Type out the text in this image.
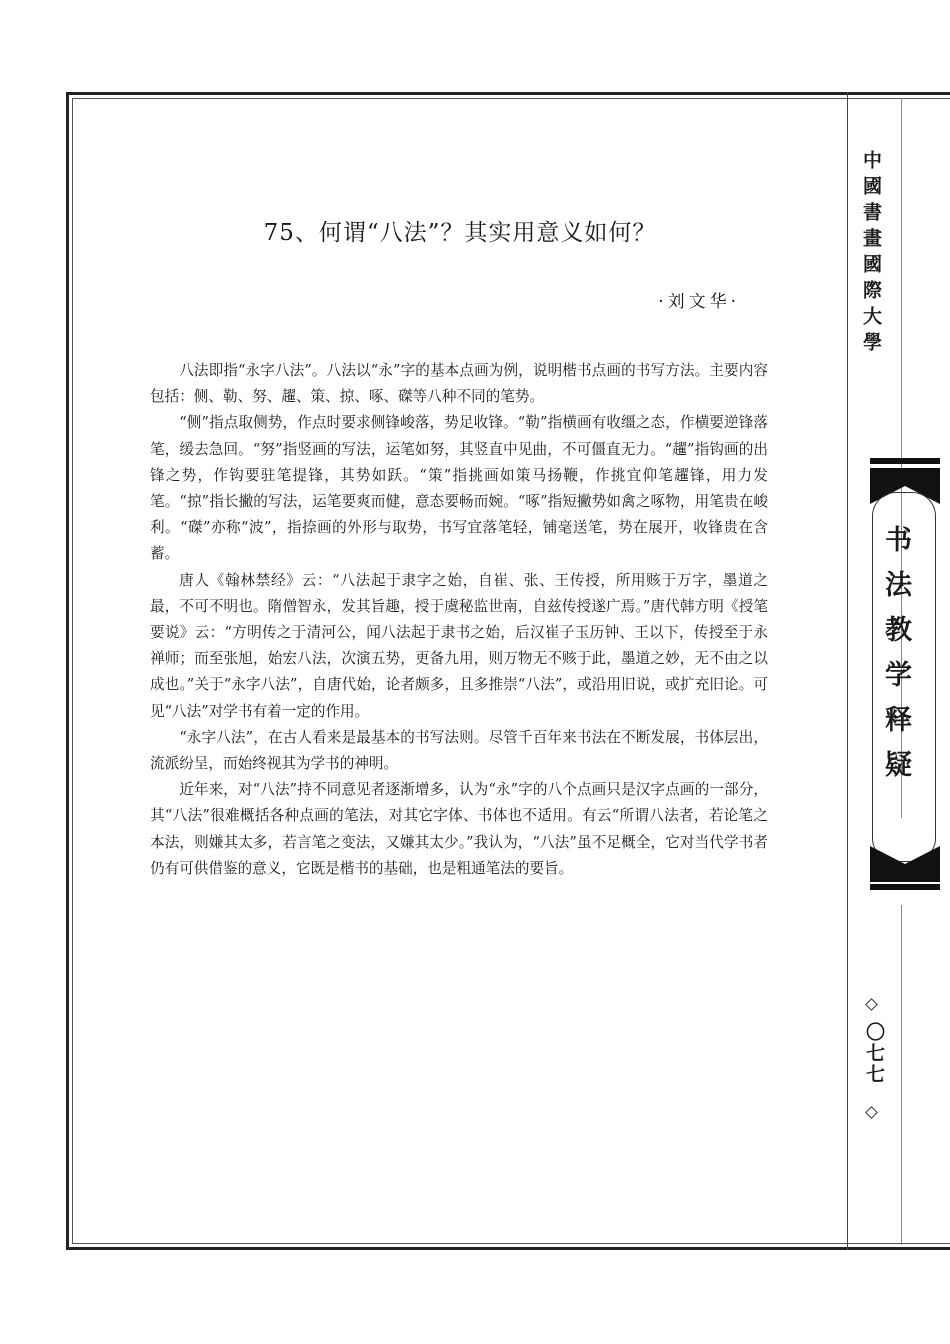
75、何谓“八法”？其实用意义如何？
·刘文华·

八法即指“永字八法”。八法以“永”字的基本点画为例，说明楷书点画的书写方法。主要内容包括：侧、勒、努、趯、策、掠、啄、磔等八种不同的笔势。

“侧”指点取侧势，作点时要求侧锋峻落，势足收锋。“勒”指横画有收缰之态，作横要逆锋落笔，缓去急回。“努”指竖画的写法，运笔如努，其竖直中见曲，不可僵直无力。“趯”指钩画的出锋之势，作钩要驻笔提锋，其势如跃。“策”指挑画如策马扬鞭，作挑宜仰笔趯锋，用力发笔。“掠”指长撇的写法，运笔要爽而健，意态要畅而婉。“啄”指短撇势如禽之啄物，用笔贵在峻利。“磔”亦称“波”，指捺画的外形与取势，书写宜落笔轻，铺毫送笔，势在展开，收锋贵在含蓄。

唐人《翰林禁经》云：“八法起于隶字之始，自崔、张、王传授，所用赅于万字，墨道之最，不可不明也。隋僧智永，发其旨趣，授于虞秘监世南，自兹传授遂广焉。”唐代韩方明《授笔要说》云：“方明传之于清河公，闻八法起于隶书之始，后汉崔子玉历钟、王以下，传授至于永禅师；而至张旭，始宏八法，次演五势，更备九用，则万物无不赅于此，墨道之妙，无不由之以成也。”关于“永字八法”，自唐代始，论者颇多，且多推崇“八法”，或沿用旧说，或扩充旧论。可见“八法”对学书有着一定的作用。

“永字八法”，在古人看来是最基本的书写法则。尽管千百年来书法在不断发展，书体层出，流派纷呈，而始终视其为学书的神明。

近年来，对“八法”持不同意见者逐渐增多，认为“永”字的八个点画只是汉字点画的一部分，其“八法”很难概括各种点画的笔法，对其它字体、书体也不适用。有云“所谓八法者，若论笔之本法，则嫌其太多，若言笔之变法，又嫌其太少。”我认为，“八法”虽不足概全，它对当代学书者仍有可供借鉴的意义，它既是楷书的基础，也是粗通笔法的要旨。

中國書畫國際大學
书法教学释疑
〇七七
